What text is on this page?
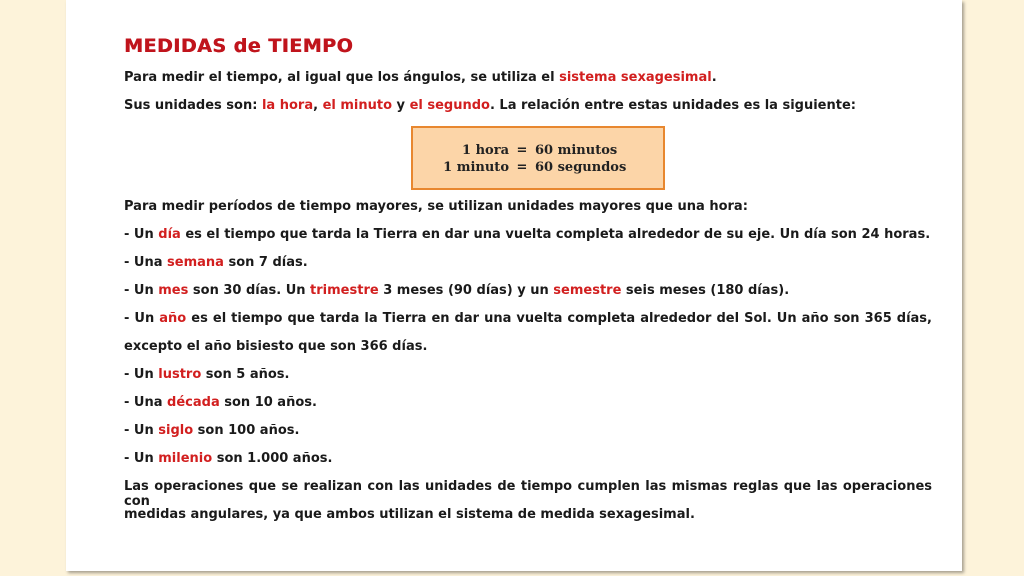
MEDIDAS de TIEMPO
Para medir el tiempo, al igual que los ángulos, se utiliza el sistema sexagesimal.
Sus unidades son: la hora, el minuto y el segundo. La relación entre estas unidades es la siguiente:
1 hora = 60 minutos
1 minuto = 60 segundos
Para medir períodos de tiempo mayores, se utilizan unidades mayores que una hora:
- Un día es el tiempo que tarda la Tierra en dar una vuelta completa alrededor de su eje. Un día son 24 horas.
- Una semana son 7 días.
- Un mes son 30 días. Un trimestre 3 meses (90 días) y un semestre seis meses (180 días).
- Un año es el tiempo que tarda la Tierra en dar una vuelta completa alrededor del Sol. Un año son 365 días,
excepto el año bisiesto que son 366 días.
- Un lustro son 5 años.
- Una década son 10 años.
- Un siglo son 100 años.
- Un milenio son 1.000 años.
Las operaciones que se realizan con las unidades de tiempo cumplen las mismas reglas que las operaciones con
medidas angulares, ya que ambos utilizan el sistema de medida sexagesimal.
